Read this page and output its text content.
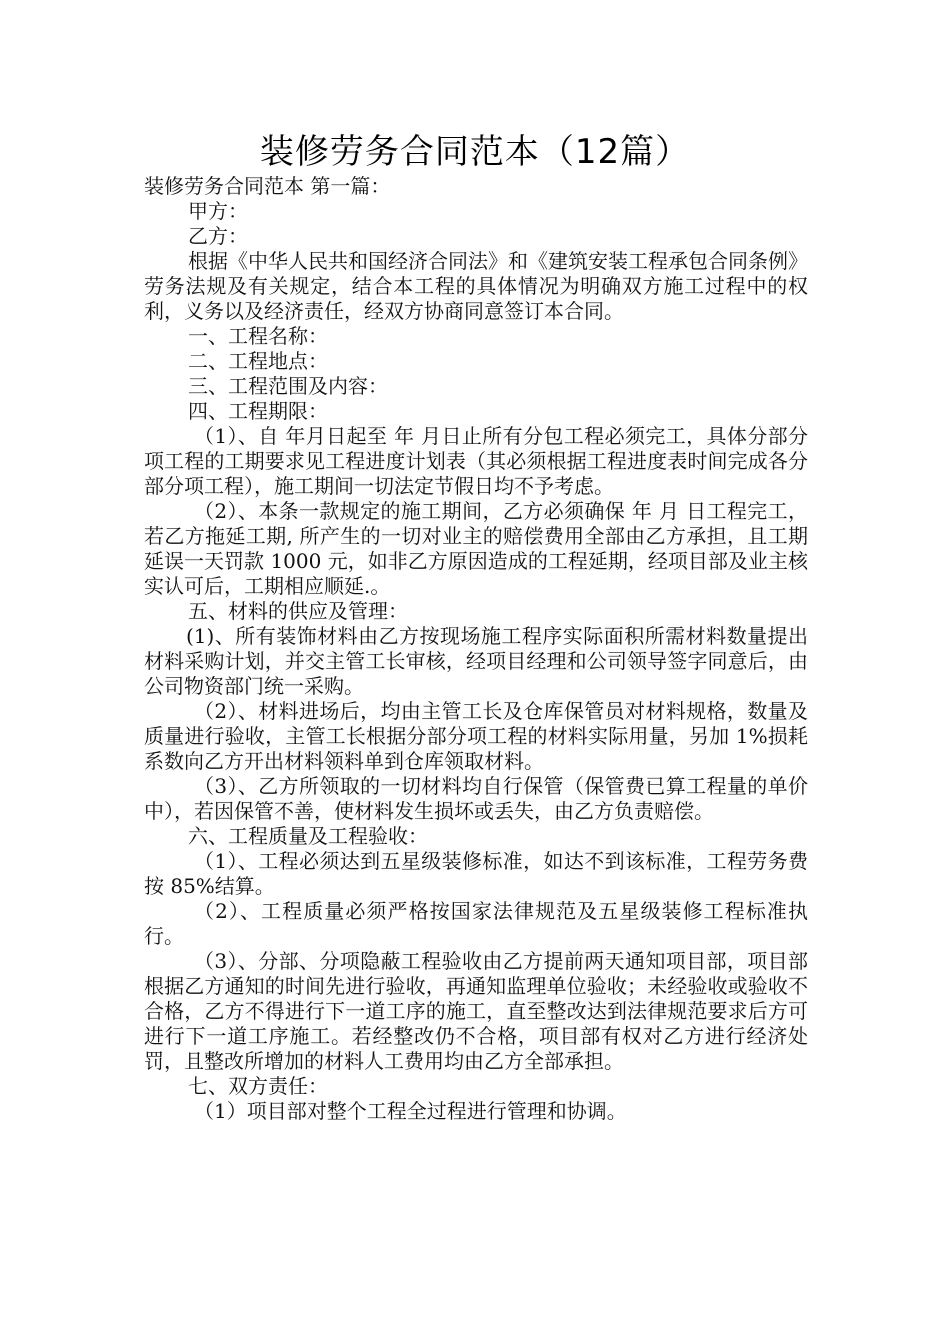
装修劳务合同范本（12篇）

装修劳务合同范本 第一篇：

甲方：

乙方：

根据《中华人民共和国经济合同法》和《建筑安装工程承包合同条例》劳务法规及有关规定，结合本工程的具体情况为明确双方施工过程中的权利，义务以及经济责任，经双方协商同意签订本合同。

一、工程名称：

二、工程地点：

三、工程范围及内容：

四、工程期限：

（1）、自 年月日起至 年 月日止所有分包工程必须完工，具体分部分项工程的工期要求见工程进度计划表（其必须根据工程进度表时间完成各分部分项工程），施工期间一切法定节假日均不予考虑。

（2）、本条一款规定的施工期间，乙方必须确保 年 月 日工程完工，若乙方拖延工期, 所产生的一切对业主的赔偿费用全部由乙方承担，且工期延误一天罚款 1000 元，如非乙方原因造成的工程延期，经项目部及业主核实认可后，工期相应顺延.。

五、材料的供应及管理：

(1)、所有装饰材料由乙方按现场施工程序实际面积所需材料数量提出材料采购计划，并交主管工长审核，经项目经理和公司领导签字同意后，由公司物资部门统一采购。

（2）、材料进场后，均由主管工长及仓库保管员对材料规格，数量及质量进行验收，主管工长根据分部分项工程的材料实际用量，另加 1%损耗系数向乙方开出材料领料单到仓库领取材料。

（3）、乙方所领取的一切材料均自行保管（保管费已算工程量的单价中），若因保管不善，使材料发生损坏或丢失，由乙方负责赔偿。

六、工程质量及工程验收：

（1）、工程必须达到五星级装修标准，如达不到该标准，工程劳务费按 85%结算。

（2）、工程质量必须严格按国家法律规范及五星级装修工程标准执行。

（3）、分部、分项隐蔽工程验收由乙方提前两天通知项目部，项目部根据乙方通知的时间先进行验收，再通知监理单位验收；未经验收或验收不合格，乙方不得进行下一道工序的施工，直至整改达到法律规范要求后方可进行下一道工序施工。若经整改仍不合格，项目部有权对乙方进行经济处罚，且整改所增加的材料人工费用均由乙方全部承担。

七、双方责任：

（1）项目部对整个工程全过程进行管理和协调。
